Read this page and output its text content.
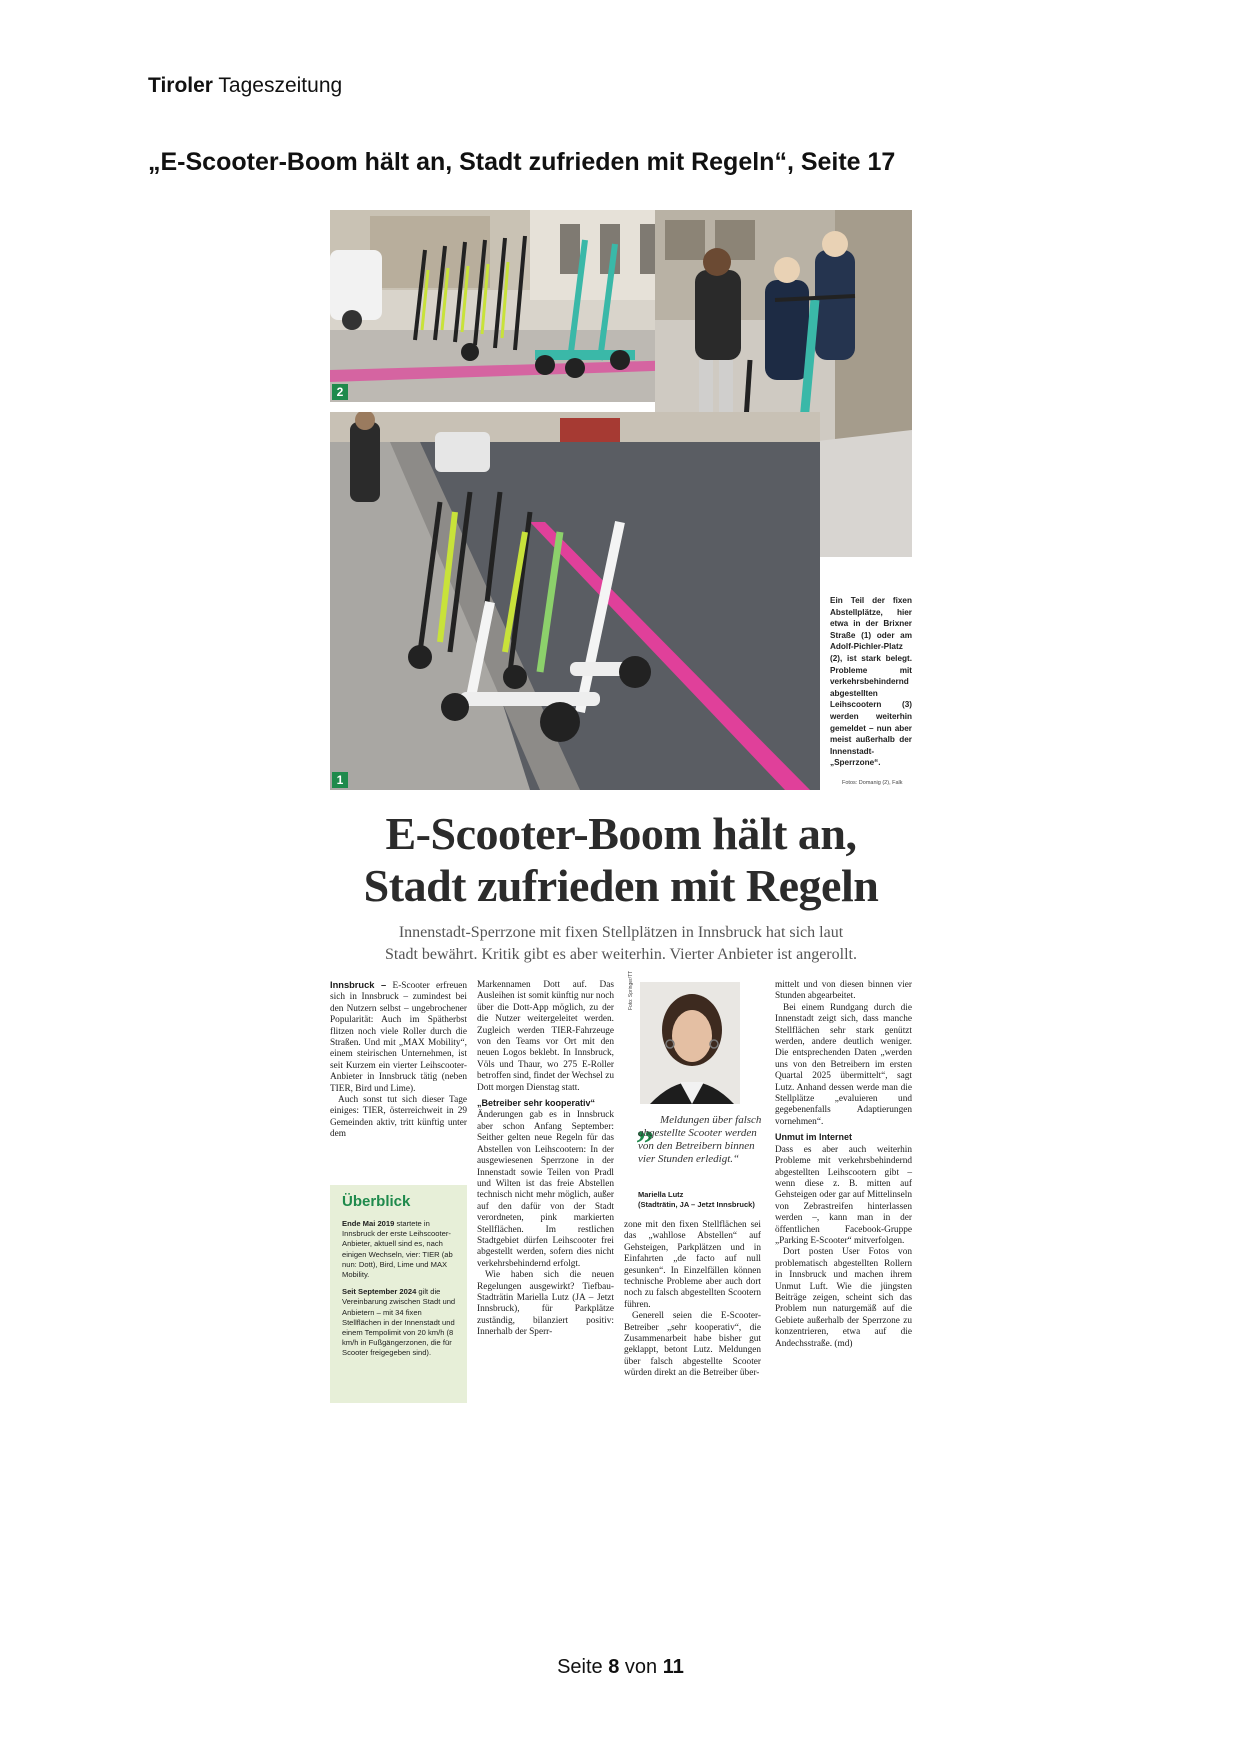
Tiroler Tageszeitung
„E-Scooter-Boom hält an, Stadt zufrieden mit Regeln“, Seite 17
2
1
Ein Teil der fixen Abstellplätze, hier etwa in der Brixner Straße (1) oder am Adolf-Pichler-Platz (2), ist stark belegt. Probleme mit verkehrsbehindernd abgestellten Leihscootern (3) werden weiterhin gemeldet – nun aber meist außerhalb der Innenstadt-„Sperrzone“.
Fotos: Domanig (2), Falk
E-Scooter-Boom hält an,
Stadt zufrieden mit Regeln
Innenstadt-Sperrzone mit fixen Stellplätzen in Innsbruck hat sich laut
Stadt bewährt. Kritik gibt es aber weiterhin. Vierter Anbieter ist angerollt.

Innsbruck – E-Scooter erfreuen sich in Innsbruck – zumindest bei den Nutzern selbst – ungebrochener Popularität: Auch im Spätherbst flitzen noch viele Roller durch die Straßen. Und mit „MAX Mobility“, einem steirischen Unternehmen, ist seit Kurzem ein vierter Leihscooter-Anbieter in Innsbruck tätig (neben TIER, Bird und Lime).

Auch sonst tut sich dieser Tage einiges: TIER, österreichweit in 29 Gemeinden aktiv, tritt künftig unter dem

Überblick

Ende Mai 2019 startete in Innsbruck der erste Leihscooter-Anbieter, aktuell sind es, nach einigen Wechseln, vier: TIER (ab nun: Dott), Bird, Lime und MAX Mobility.

Seit September 2024 gilt die Vereinbarung zwischen Stadt und Anbietern – mit 34 fixen Stellflächen in der Innenstadt und einem Tempolimit von 20 km/h (8 km/h in Fußgängerzonen, die für Scooter freigegeben sind).

Markennamen Dott auf. Das Ausleihen ist somit künftig nur noch über die Dott-App möglich, zu der die Nutzer weitergeleitet werden. Zugleich werden TIER-Fahrzeuge von den Teams vor Ort mit den neuen Logos beklebt. In Innsbruck, Völs und Thaur, wo 275 E-Roller betroffen sind, findet der Wechsel zu Dott morgen Dienstag statt.

„Betreiber sehr kooperativ“

Änderungen gab es in Innsbruck aber schon Anfang September: Seither gelten neue Regeln für das Abstellen von Leihscootern: In der ausgewiesenen Sperrzone in der Innenstadt sowie Teilen von Pradl und Wilten ist das freie Abstellen technisch nicht mehr möglich, außer auf den dafür von der Stadt verordneten, pink markierten Stellflächen. Im restlichen Stadtgebiet dürfen Leihscooter frei abgestellt werden, sofern dies nicht verkehrsbehindernd erfolgt.

Wie haben sich die neuen Regelungen ausgewirkt? Tiefbau-Stadträtin Mariella Lutz (JA – Jetzt Innsbruck), für Parkplätze zuständig, bilanziert positiv: Innerhalb der Sperr-

Foto: Springer/TT
„ Meldungen über falsch abgestellte Scooter werden von den Betreibern binnen vier Stunden erledigt.“
Mariella Lutz
(Stadträtin, JA – Jetzt Innsbruck)

zone mit den fixen Stellflächen sei das „wahllose Abstellen“ auf Gehsteigen, Parkplätzen und in Einfahrten „de facto auf null gesunken“. In Einzelfällen können technische Probleme aber auch dort noch zu falsch abgestellten Scootern führen.

Generell seien die E-Scooter-Betreiber „sehr kooperativ“, die Zusammenarbeit habe bisher gut geklappt, betont Lutz. Meldungen über falsch abgestellte Scooter würden direkt an die Betreiber über-

mittelt und von diesen binnen vier Stunden abgearbeitet.

Bei einem Rundgang durch die Innenstadt zeigt sich, dass manche Stellflächen sehr stark genützt werden, andere deutlich weniger. Die entsprechenden Daten „werden uns von den Betreibern im ersten Quartal 2025 übermittelt“, sagt Lutz. Anhand dessen werde man die Stellplätze „evaluieren und gegebenenfalls Adaptierungen vornehmen“.

Unmut im Internet

Dass es aber auch weiterhin Probleme mit verkehrsbehindernd abgestellten Leihscootern gibt – wenn diese z. B. mitten auf Gehsteigen oder gar auf Mittelinseln von Zebrastreifen hinterlassen werden –, kann man in der öffentlichen Facebook-Gruppe „Parking E-Scooter“ mitverfolgen.

Dort posten User Fotos von problematisch abgestellten Rollern in Innsbruck und machen ihrem Unmut Luft. Wie die jüngsten Beiträge zeigen, scheint sich das Problem nun naturgemäß auf die Gebiete außerhalb der Sperrzone zu konzentrieren, etwa auf die Andechsstraße. (md)

Seite 8 von 11
